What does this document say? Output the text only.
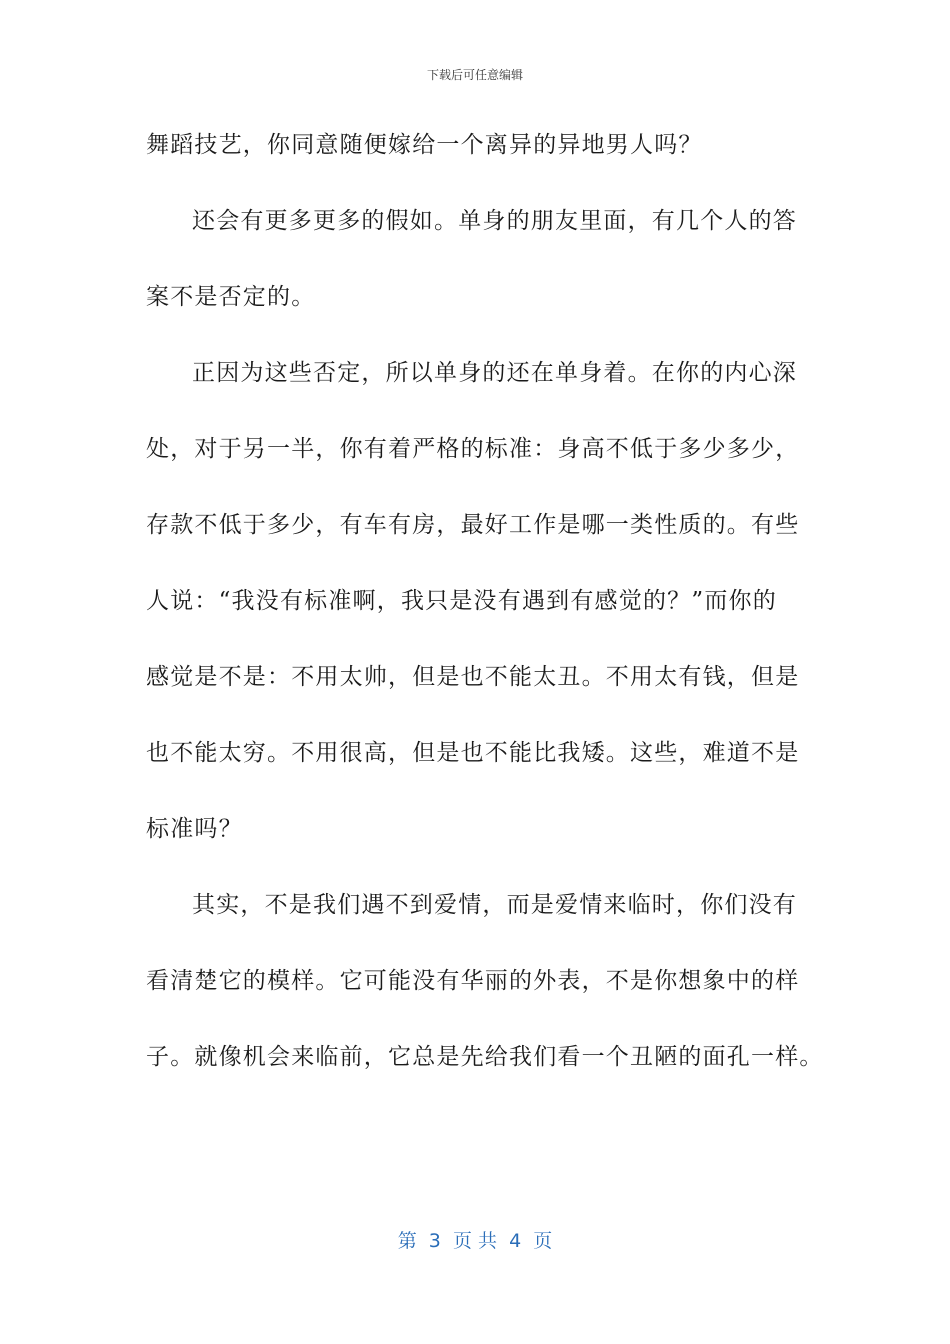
下载后可任意编辑
舞蹈技艺，你同意随便嫁给一个离异的异地男人吗？
还会有更多更多的假如。单身的朋友里面，有几个人的答
案不是否定的。
正因为这些否定，所以单身的还在单身着。在你的内心深
处，对于另一半，你有着严格的标准：身高不低于多少多少，
存款不低于多少，有车有房，最好工作是哪一类性质的。有些
人说：“我没有标准啊，我只是没有遇到有感觉的？”而你的
感觉是不是：不用太帅，但是也不能太丑。不用太有钱，但是
也不能太穷。不用很高，但是也不能比我矮。这些，难道不是
标准吗？
其实，不是我们遇不到爱情，而是爱情来临时，你们没有
看清楚它的模样。它可能没有华丽的外表，不是你想象中的样
子。就像机会来临前，它总是先给我们看一个丑陋的面孔一样。
第  3  页 共  4  页
